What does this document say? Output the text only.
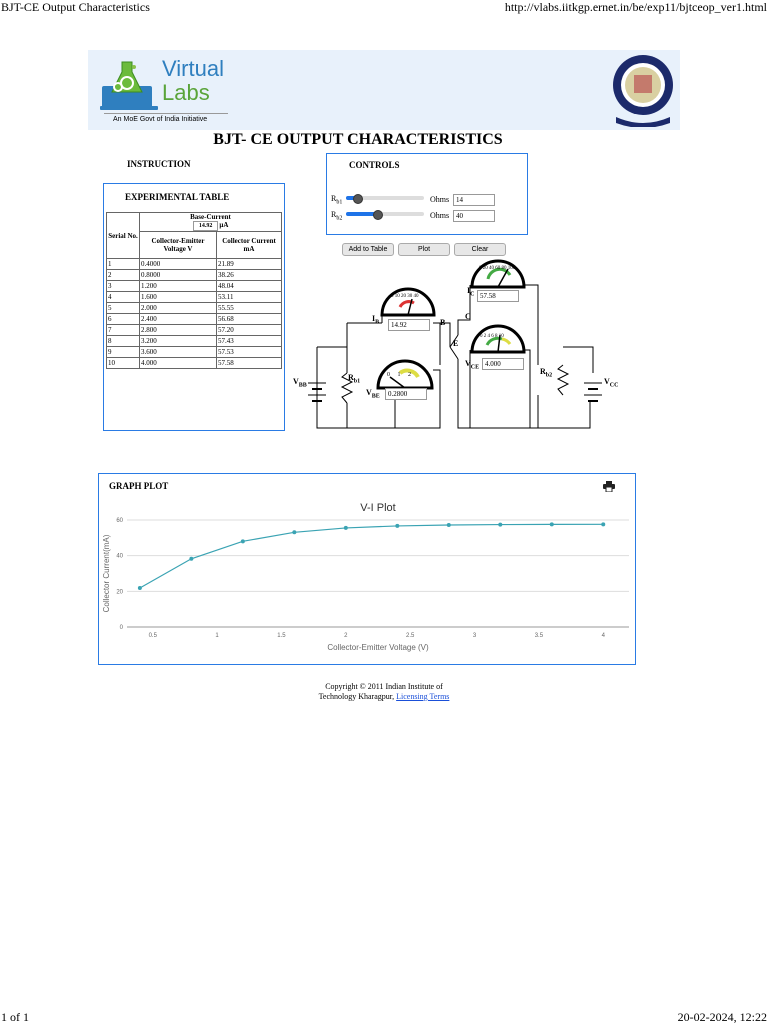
BJT-CE Output Characteristics	http://vlabs.iitkgp.ernet.in/be/exp11/bjtceop_ver1.html
1 of 1	20-02-2024, 12:22
Virtual
Labs
An MoE Govt of India Initiative
BJT- CE OUTPUT CHARACTERISTICS
INSTRUCTION	CONTROLS
$R_{b1}$	Ohms 14
$R_{b2}$	Ohms 40
Add to Table	Plot	Clear
EXPERIMENTAL TABLE
Serial No.	Base-Current
14.92 μA	

	Collector-Emitter Voltage V	Collector Current mA
1	0.4000	21.89
2	0.8000	38.26
3	1.200	48.04
4	1.600	53.11
5	2.000	55.55
6	2.400	56.68
7	2.800	57.20
8	3.200	57.43
9	3.600	57.53
10	4.000	57.58
0 10 20 30 40
0 20 40 60 80 100
0 2 4 6 8 10
0 1 2
$I_B$	14.92
$I_C$ 57.58
$V_{CE}$ 4.000
$V_{BE}$	0.2800
$V_{BB}$	$V_{CC}$
$R_{b1}$
$R_{b2}$
B
C
E
GRAPH PLOT
V-I Plot
0
20
40
60
0.5	1	1.5	2	2.5	3	3.5	4
Collector-Emitter Voltage (V)
Collector Current(mA)
Copyright © 2011 Indian Institute of
Technology Kharagpur, Licensing Terms
